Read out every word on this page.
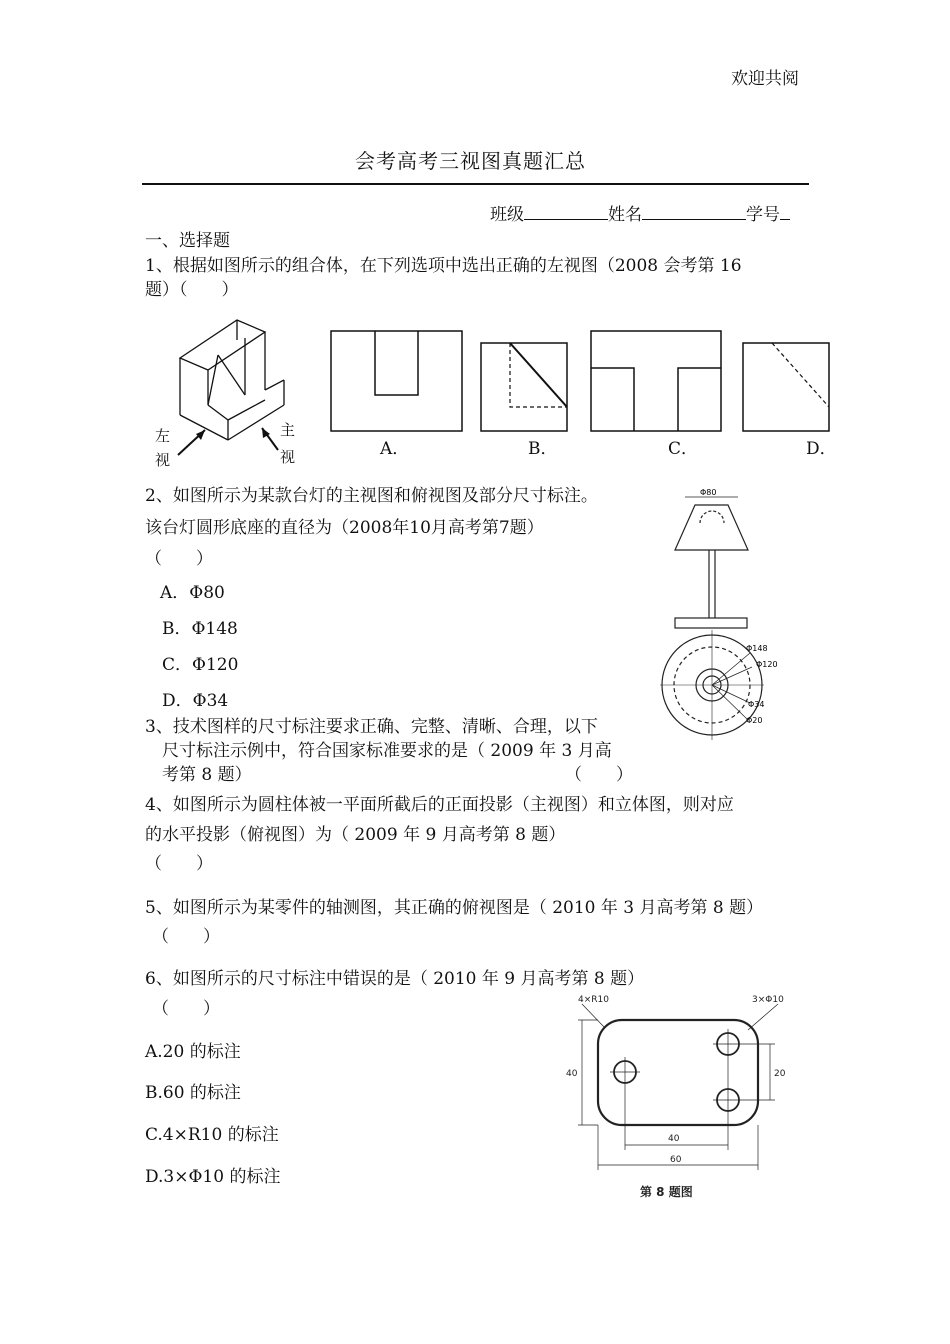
欢迎共阅
会考高考三视图真题汇总
班级	姓名	学号
一、选择题
1、根据如图所示的组合体，在下列选项中选出正确的左视图（2008 会考第 16
题）（　　）
左
视
主
视	A．	B．	C．	D．
2、如图所示为某款台灯的主视图和俯视图及部分尺寸标注。
该台灯圆形底座的直径为（2008年10月高考第7题）
（　　）
A．Φ80
B．Φ148
C．Φ120
D．Φ34
Φ80
Φ148
Φ120
Φ34
Φ20
3、技术图样的尺寸标注要求正确、完整、清晰、合理，以下
尺寸标注示例中，符合国家标准要求的是（ 2009 年 3 月高
考第 8 题）	（　　）
4、如图所示为圆柱体被一平面所截后的正面投影（主视图）和立体图，则对应
的水平投影（俯视图）为（ 2009 年 9 月高考第 8 题）
（　　）
5、如图所示为某零件的轴测图，其正确的俯视图是（ 2010 年 3 月高考第 8 题）
（　　）
6、如图所示的尺寸标注中错误的是（ 2010 年 9 月高考第 8 题）
（　　）
A.20 的标注
B.60 的标注
C.4×R10 的标注
D.3×Φ10 的标注
4×R10	3×Φ10
40	20
40
60
第 8 题图
